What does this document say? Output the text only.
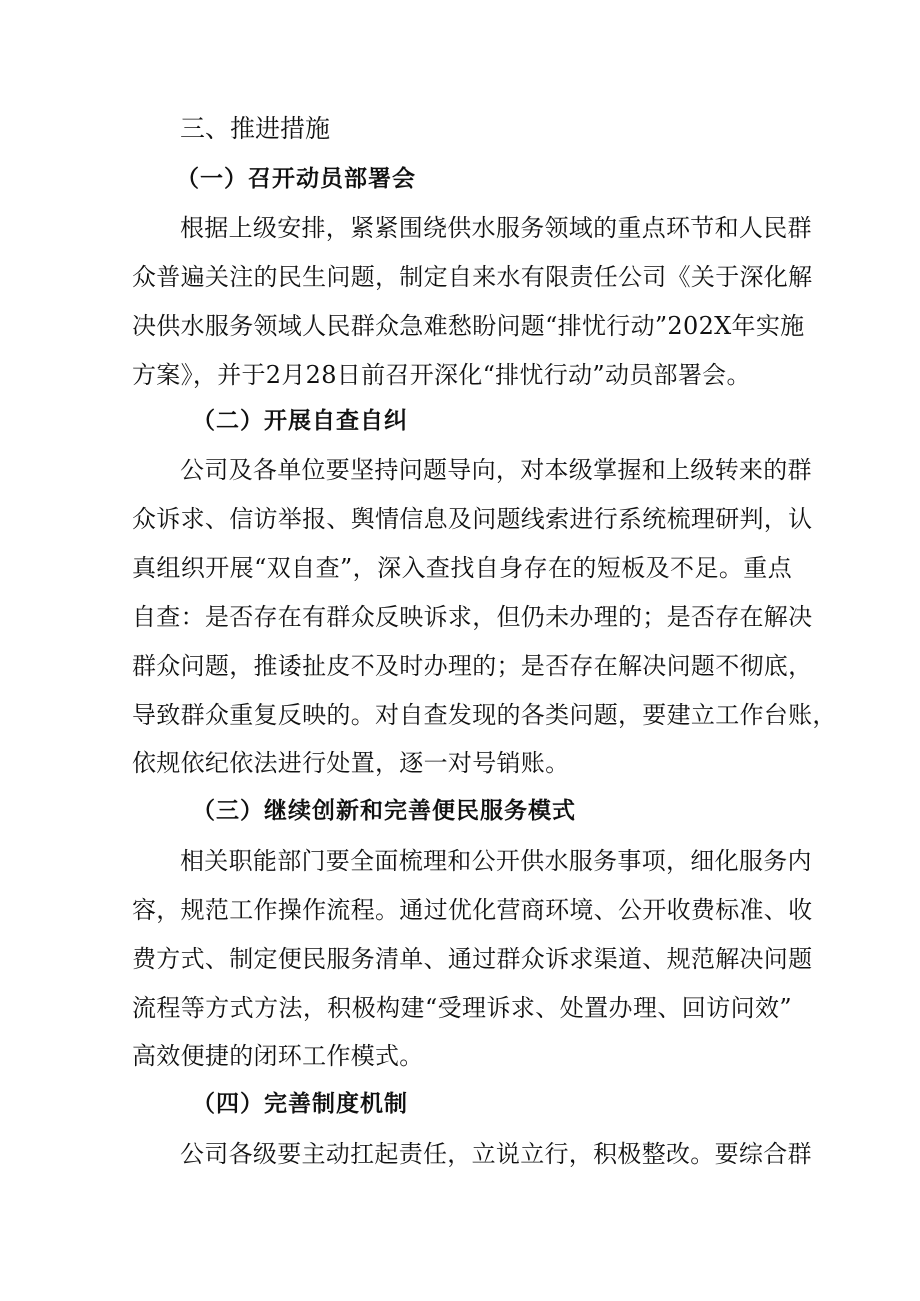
三、推进措施
（一）召开动员部署会
根据上级安排，紧紧围绕供水服务领域的重点环节和人民群
众普遍关注的民生问题，制定自来水有限责任公司《关于深化解
决供水服务领域人民群众急难愁盼问题“排忧行动”202X年实施
方案》，并于2月28日前召开深化“排忧行动”动员部署会。
（二）开展自查自纠
公司及各单位要坚持问题导向，对本级掌握和上级转来的群
众诉求、信访举报、舆情信息及问题线索进行系统梳理研判，认
真组织开展“双自查”，深入查找自身存在的短板及不足。重点
自查：是否存在有群众反映诉求，但仍未办理的；是否存在解决
群众问题，推诿扯皮不及时办理的；是否存在解决问题不彻底，
导致群众重复反映的。对自查发现的各类问题，要建立工作台账，
依规依纪依法进行处置，逐一对号销账。
（三）继续创新和完善便民服务模式
相关职能部门要全面梳理和公开供水服务事项，细化服务内
容，规范工作操作流程。通过优化营商环境、公开收费标准、收
费方式、制定便民服务清单、通过群众诉求渠道、规范解决问题
流程等方式方法，积极构建“受理诉求、处置办理、回访问效”
高效便捷的闭环工作模式。
（四）完善制度机制
公司各级要主动扛起责任，立说立行，积极整改。要综合群
